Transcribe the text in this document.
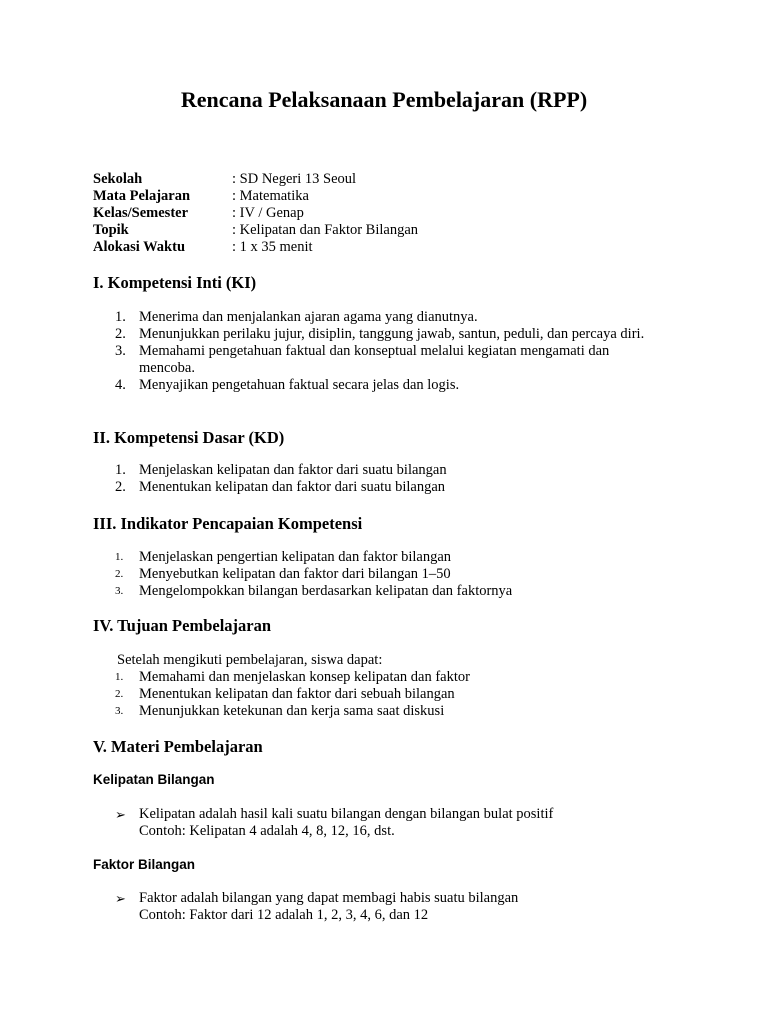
Rencana Pelaksanaan Pembelajaran (RPP)
Sekolah	: SD Negeri 13 Seoul
Mata Pelajaran	: Matematika
Kelas/Semester	: IV / Genap
Topik	: Kelipatan dan Faktor Bilangan
Alokasi Waktu	: 1 x 35 menit
I. Kompetensi Inti (KI)
1. Menerima dan menjalankan ajaran agama yang dianutnya.
2. Menunjukkan perilaku jujur, disiplin, tanggung jawab, santun, peduli, dan percaya diri.
3. Memahami pengetahuan faktual dan konseptual melalui kegiatan mengamati dan mencoba.
4. Menyajikan pengetahuan faktual secara jelas dan logis.
II. Kompetensi Dasar (KD)
1. Menjelaskan kelipatan dan faktor dari suatu bilangan
2. Menentukan kelipatan dan faktor dari suatu bilangan
III. Indikator Pencapaian Kompetensi
1.	Menjelaskan pengertian kelipatan dan faktor bilangan
2.	Menyebutkan kelipatan dan faktor dari bilangan 1–50
3.	Mengelompokkan bilangan berdasarkan kelipatan dan faktornya
IV. Tujuan Pembelajaran
Setelah mengikuti pembelajaran, siswa dapat:
1.	Memahami dan menjelaskan konsep kelipatan dan faktor
2.	Menentukan kelipatan dan faktor dari sebuah bilangan
3.	Menunjukkan ketekunan dan kerja sama saat diskusi
V. Materi Pembelajaran
Kelipatan Bilangan
➢ Kelipatan adalah hasil kali suatu bilangan dengan bilangan bulat positif
Contoh: Kelipatan 4 adalah 4, 8, 12, 16, dst.
Faktor Bilangan
➢ Faktor adalah bilangan yang dapat membagi habis suatu bilangan
Contoh: Faktor dari 12 adalah 1, 2, 3, 4, 6, dan 12
